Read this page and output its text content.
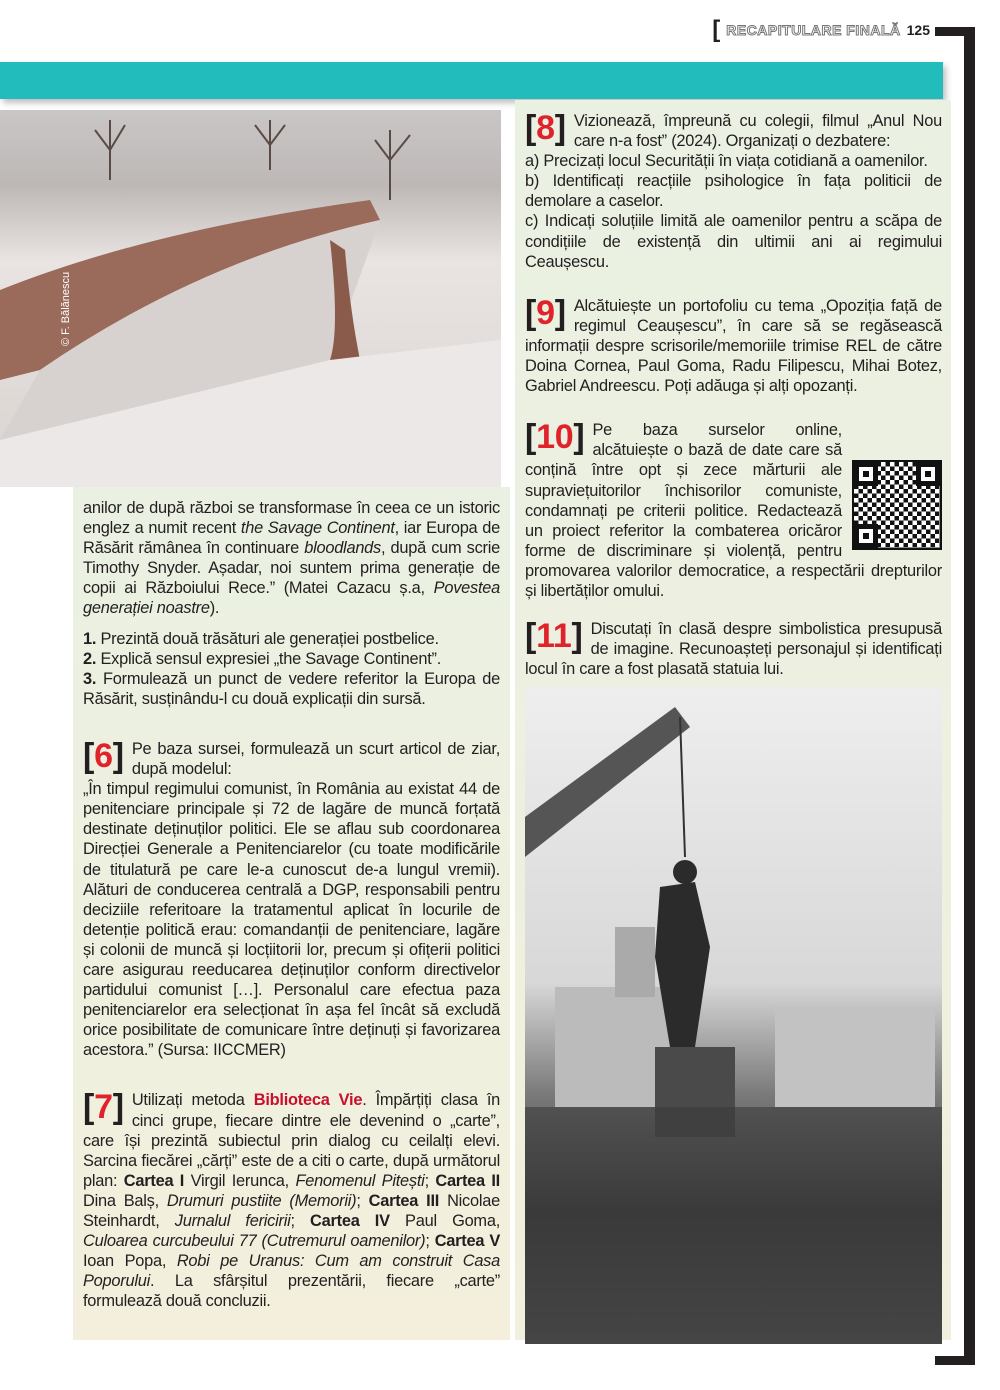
[ RECAPITULARE FINALĂ 125
© F. Bălănescu

anilor de după război se transformase în ceea ce un istoric englez a numit recent the Savage Continent, iar Europa de Răsărit rămânea în continuare bloodlands, după cum scrie Timothy Snyder. Așadar, noi suntem prima generație de copii ai Războiului Rece.” (Matei Cazacu ș.a, Povestea generației noastre).

1. Prezintă două trăsături ale generației postbelice.

2. Explică sensul expresiei „the Savage Continent”.

3. Formulează un punct de vedere referitor la Europa de Răsărit, susținându-l cu două explicații din sursă.

[6] Pe baza sursei, formulează un scurt articol de ziar, după modelul:

„În timpul regimului comunist, în România au existat 44 de penitenciare principale și 72 de lagăre de muncă forțată destinate deținuților politici. Ele se aflau sub coordonarea Direcției Generale a Penitenciarelor (cu toate modificările de titulatură pe care le-a cunoscut de-a lungul vremii). Alături de conducerea centrală a DGP, responsabili pentru deciziile referitoare la tratamentul aplicat în locurile de detenție politică erau: comandanții de penitenciare, lagăre și colonii de muncă și locțiitorii lor, precum și ofițerii politici care asigurau reeducarea deținuților conform directivelor partidului comunist […]. Personalul care efectua paza penitenciarelor era selecționat în așa fel încât să excludă orice posibilitate de comunicare între deținuți și favorizarea acestora.” (Sursa: IICCMER)

[7] Utilizați metoda Biblioteca Vie. Împărțiți clasa în cinci grupe, fiecare dintre ele devenind o „carte”, care își prezintă subiectul prin dialog cu ceilalți elevi. Sarcina fiecărei „cărți” este de a citi o carte, după următorul plan: Cartea I Virgil Ierunca, Fenomenul Pitești; Cartea II Dina Balș, Drumuri pustiite (Memorii); Cartea III Nicolae Steinhardt, Jurnalul fericirii; Cartea IV Paul Goma, Culoarea curcubeului 77 (Cutremurul oamenilor); Cartea V Ioan Popa, Robi pe Uranus: Cum am construit Casa Poporului. La sfârșitul prezentării, fiecare „carte” formulează două concluzii.

[8] Vizionează, împreună cu colegii, filmul „Anul Nou care n-a fost” (2024). Organizați o dezbatere:

a) Precizați locul Securității în viața cotidiană a oamenilor.

b) Identificați reacțiile psihologice în fața politicii de demolare a caselor.

c) Indicați soluțiile limită ale oamenilor pentru a scăpa de condițiile de existență din ultimii ani ai regimului Ceaușescu.

[9] Alcătuiește un portofoliu cu tema „Opoziția față de regimul Ceaușescu”, în care să se regăsească informații despre scrisorile/memoriile trimise REL de către Doina Cornea, Paul Goma, Radu Filipescu, Mihai Botez, Gabriel Andreescu. Poți adăuga și alți opozanți.

[10] Pe baza surselor online, alcătuiește o bază de date care să conțină între opt și zece mărturii ale supraviețuitorilor închisorilor comuniste, condamnați pe criterii politice. Redactează un proiect referitor la combaterea oricăror forme de discriminare și violență, pentru promovarea valorilor democratice, a respectării drepturilor și libertăților omului.

[11] Discutați în clasă despre simbolistica presupusă de imagine. Recunoașteți personajul și identificați locul în care a fost plasată statuia lui.
